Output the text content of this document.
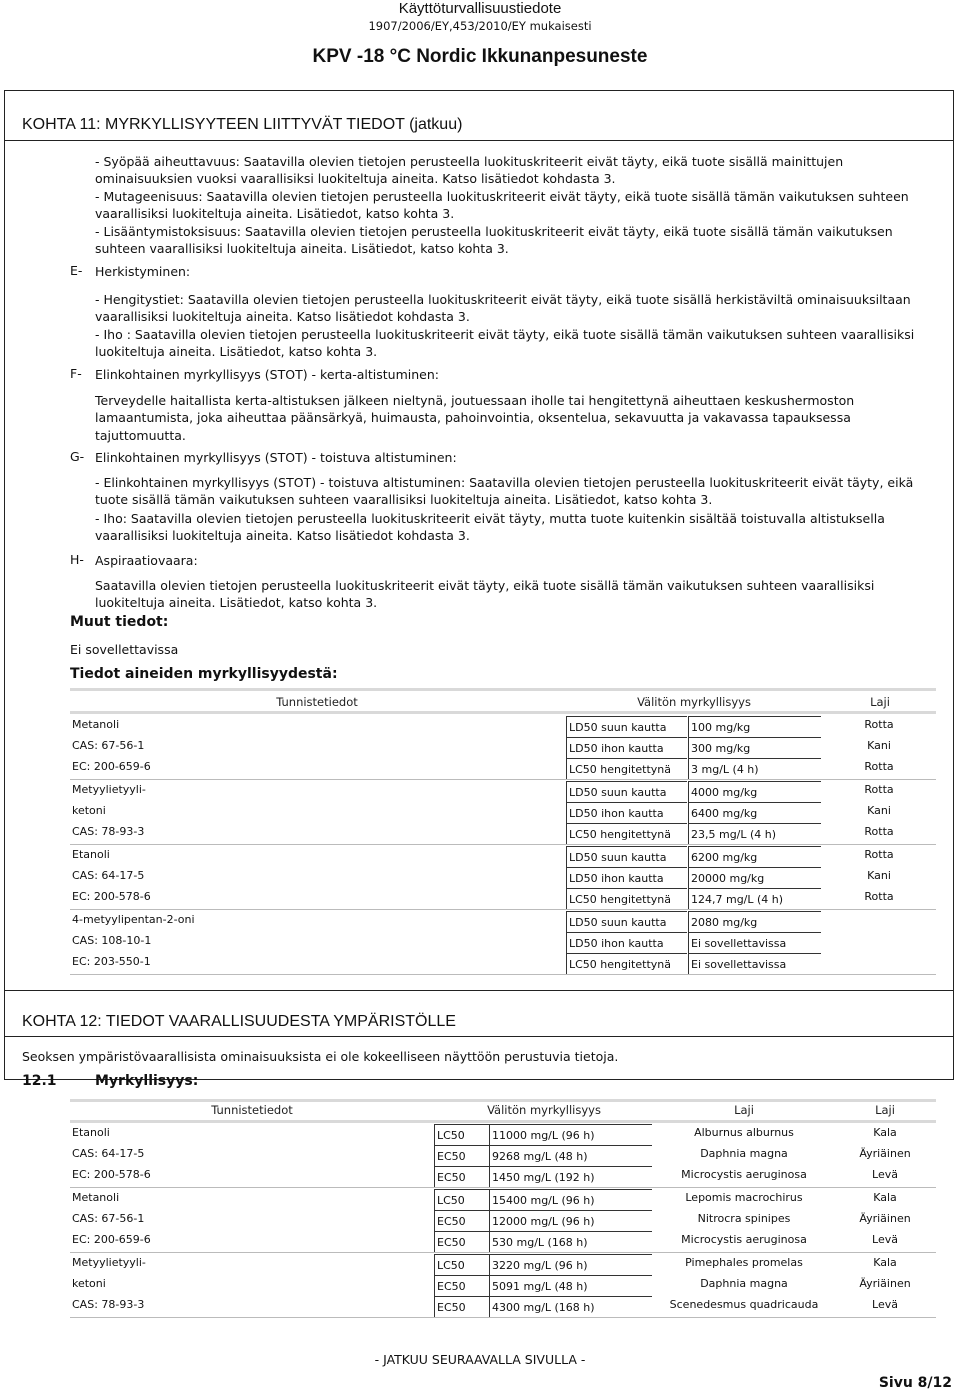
Käyttöturvallisuustiedote
1907/2006/EY,453/2010/EY mukaisesti
KPV -18 °C Nordic Ikkunanpesuneste
KOHTA 11: MYRKYLLISYYTEEN LIITTYVÄT TIEDOT (jatkuu)
- Syöpää aiheuttavuus: Saatavilla olevien tietojen perusteella luokituskriteerit eivät täyty, eikä tuote sisällä mainittujen ominaisuuksien vuoksi vaarallisiksi luokiteltuja aineita. Katso lisätiedot kohdasta 3.
- Mutageenisuus: Saatavilla olevien tietojen perusteella luokituskriteerit eivät täyty, eikä tuote sisällä tämän vaikutuksen suhteen vaarallisiksi luokiteltuja aineita. Lisätiedot, katso kohta 3.
- Lisääntymistoksisuus: Saatavilla olevien tietojen perusteella luokituskriteerit eivät täyty, eikä tuote sisällä tämän vaikutuksen suhteen vaarallisiksi luokiteltuja aineita. Lisätiedot, katso kohta 3.
E- Herkistyminen:
- Hengitystiet: Saatavilla olevien tietojen perusteella luokituskriteerit eivät täyty, eikä tuote sisällä herkistäviltä ominaisuuksiltaan vaarallisiksi luokiteltuja aineita. Katso lisätiedot kohdasta 3.
- Iho : Saatavilla olevien tietojen perusteella luokituskriteerit eivät täyty, eikä tuote sisällä tämän vaikutuksen suhteen vaarallisiksi luokiteltuja aineita. Lisätiedot, katso kohta 3.
F- Elinkohtainen myrkyllisyys (STOT) - kerta-altistuminen:
Terveydelle haitallista kerta-altistuksen jälkeen nieltynä, joutuessaan iholle tai hengitettynä aiheuttaen keskushermoston lamaantumista, joka aiheuttaa päänsärkyä, huimausta, pahoinvointia, oksentelua, sekavuutta ja vakavassa tapauksessa tajuttomuutta.
G- Elinkohtainen myrkyllisyys (STOT) - toistuva altistuminen:
- Elinkohtainen myrkyllisyys (STOT) - toistuva altistuminen: Saatavilla olevien tietojen perusteella luokituskriteerit eivät täyty, eikä tuote sisällä tämän vaikutuksen suhteen vaarallisiksi luokiteltuja aineita. Lisätiedot, katso kohta 3.
- Iho: Saatavilla olevien tietojen perusteella luokituskriteerit eivät täyty, mutta tuote kuitenkin sisältää toistuvalla altistuksella vaarallisiksi luokiteltuja aineita. Katso lisätiedot kohdasta 3.
H- Aspiraatiovaara:
Saatavilla olevien tietojen perusteella luokituskriteerit eivät täyty, eikä tuote sisällä tämän vaikutuksen suhteen vaarallisiksi luokiteltuja aineita. Lisätiedot, katso kohta 3.
Muut tiedot:
Ei sovellettavissa
Tiedot aineiden myrkyllisyydestä:
Tunnistetiedot	Välitön myrkyllisyys	Laji
Metanoli	LD50 suun kautta	100 mg/kg	Rotta
CAS: 67-56-1	LD50 ihon kautta	300 mg/kg	Kani
EC: 200-659-6	LC50 hengitettynä	3 mg/L (4 h)	Rotta
Metyylietyyli-	LD50 suun kautta	4000 mg/kg	Rotta
ketoni	LD50 ihon kautta	6400 mg/kg	Kani
CAS: 78-93-3	LC50 hengitettynä	23,5 mg/L (4 h)	Rotta
Etanoli	LD50 suun kautta	6200 mg/kg	Rotta
CAS: 64-17-5	LD50 ihon kautta	20000 mg/kg	Kani
EC: 200-578-6	LC50 hengitettynä	124,7 mg/L (4 h)	Rotta
4-metyylipentan-2-oni	LD50 suun kautta	2080 mg/kg
CAS: 108-10-1	LD50 ihon kautta	Ei sovellettavissa
EC: 203-550-1	LC50 hengitettynä	Ei sovellettavissa
KOHTA 12: TIEDOT VAARALLISUUDESTA YMPÄRISTÖLLE
Seoksen ympäristövaarallisista ominaisuuksista ei ole kokeelliseen näyttöön perustuvia tietoja.
12.1	Myrkyllisyys:
Tunnistetiedot	Välitön myrkyllisyys	Laji	Laji
Etanoli	LC50	11000 mg/L (96 h)	Alburnus alburnus	Kala
CAS: 64-17-5	EC50	9268 mg/L (48 h)	Daphnia magna	Äyriäinen
EC: 200-578-6	EC50	1450 mg/L (192 h)	Microcystis aeruginosa	Levä
Metanoli	LC50	15400 mg/L (96 h)	Lepomis macrochirus	Kala
CAS: 67-56-1	EC50	12000 mg/L (96 h)	Nitrocra spinipes	Äyriäinen
EC: 200-659-6	EC50	530 mg/L (168 h)	Microcystis aeruginosa	Levä
Metyylietyyli-	LC50	3220 mg/L (96 h)	Pimephales promelas	Kala
ketoni	EC50	5091 mg/L (48 h)	Daphnia magna	Äyriäinen
CAS: 78-93-3	EC50	4300 mg/L (168 h)	Scenedesmus quadricauda	Levä
- JATKUU SEURAAVALLA SIVULLA -
Sivu 8/12
